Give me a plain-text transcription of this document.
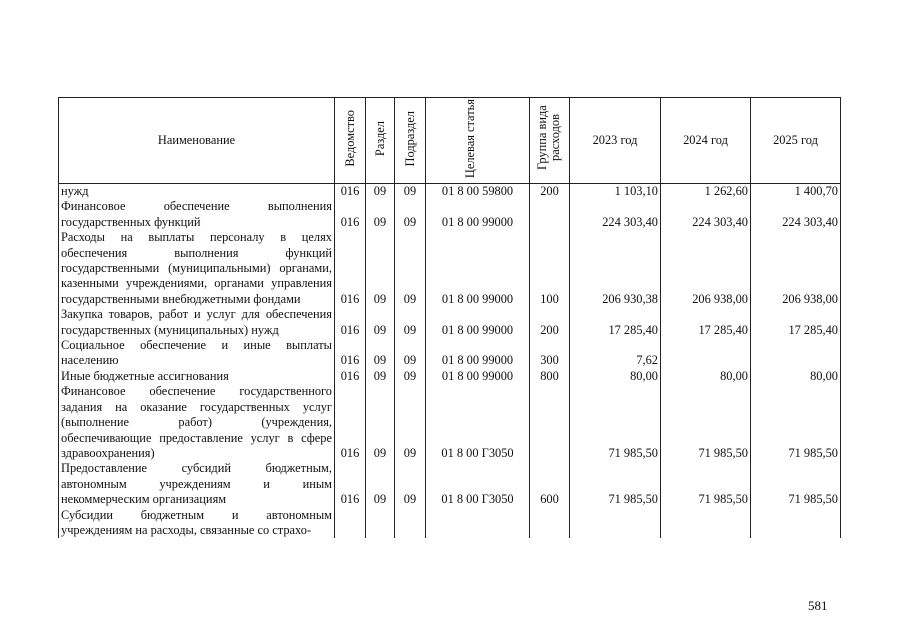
Наименование	Ведомство	Раздел	Подраздел	Целевая статья	Группа вида расходов	2023 год	2024 год	2025 год
нужд	016	09	09	01 8 00 59800	200	1 103,10	1 262,60	1 400,70
Финансовое обеспечение выполнения государственных функций	016	09	09	01 8 00 99000		224 303,40	224 303,40	224 303,40
Расходы на выплаты персоналу в целях обеспечения выполнения функций государственными (муниципальными) органами, казенными учреждениями, органами управления государственными внебюджетными фондами	016	09	09	01 8 00 99000	100	206 930,38	206 938,00	206 938,00
Закупка товаров, работ и услуг для обеспечения государственных (муниципальных) нужд	016	09	09	01 8 00 99000	200	17 285,40	17 285,40	17 285,40
Социальное обеспечение и иные выплаты населению	016	09	09	01 8 00 99000	300	7,62		
Иные бюджетные ассигнования	016	09	09	01 8 00 99000	800	80,00	80,00	80,00
Финансовое обеспечение государственного задания на оказание государственных услуг (выполнение работ) (учреждения, обеспечивающие предоставление услуг в сфере здравоохранения)	016	09	09	01 8 00 Г3050		71 985,50	71 985,50	71 985,50
Предоставление субсидий бюджетным, автономным учреждениям и иным некоммерческим организациям	016	09	09	01 8 00 Г3050	600	71 985,50	71 985,50	71 985,50
Субсидии бюджетным и автономным учреждениям на расходы, связанные со страхо-								
581
